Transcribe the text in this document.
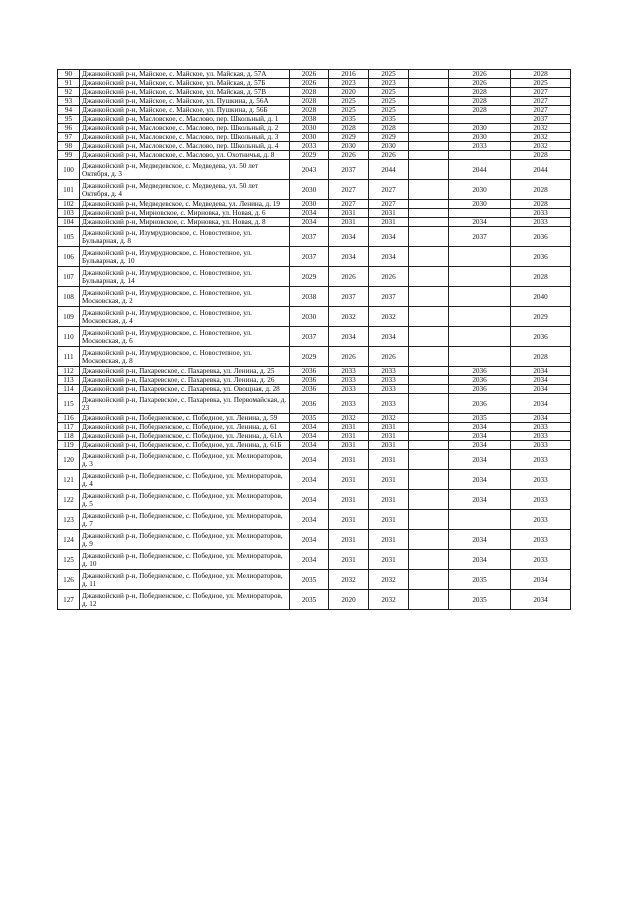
90	Джанкойский р-н, Майское, с. Майское, ул. Майская, д. 57А	2026	2016	2025		2026	2028
91	Джанкойский р-н, Майское, с. Майское, ул. Майская, д. 57Б	2026	2023	2023		2026	2025
92	Джанкойский р-н, Майское, с. Майское, ул. Майская, д. 57В	2028	2020	2025		2028	2027
93	Джанкойский р-н, Майское, с. Майское, ул. Пушкина, д. 56А	2028	2025	2025		2028	2027
94	Джанкойский р-н, Майское, с. Майское, ул. Пушкина, д. 56Б	2028	2025	2025		2028	2027
95	Джанкойский р-н, Масловское, с. Маслово, пер. Школьный, д. 1	2038	2035	2035			2037
96	Джанкойский р-н, Масловское, с. Маслово, пер. Школьный, д. 2	2030	2028	2028		2030	2032
97	Джанкойский р-н, Масловское, с. Маслово, пер. Школьный, д. 3	2030	2029	2029		2030	2032
98	Джанкойский р-н, Масловское, с. Маслово, пер. Школьный, д. 4	2033	2030	2030		2033	2032
99	Джанкойский р-н, Масловское, с. Маслово, ул. Охотничья, д. 8	2029	2026	2026			2028
100	Джанкойский р-н, Медведевское, с. Медведева, ул. 50 лет Октября, д. 3	2043	2037	2044		2044	2044
101	Джанкойский р-н, Медведевское, с. Медведева, ул. 50 лет Октября, д. 4	2030	2027	2027		2030	2028
102	Джанкойский р-н, Медведевское, с. Медведева, ул. Ленина, д. 19	2030	2027	2027		2030	2028
103	Джанкойский р-н, Мирновское, с. Мирновка, ул. Новая, д. 6	2034	2031	2031			2033
104	Джанкойский р-н, Мирновское, с. Мирновка, ул. Новая, д. 8	2034	2031	2031		2034	2033
105	Джанкойский р-н, Изумрудновское, с. Новостепное, ул. Бульварная, д. 8	2037	2034	2034		2037	2036
106	Джанкойский р-н, Изумрудновское, с. Новостепное, ул. Бульварная, д. 10	2037	2034	2034			2036
107	Джанкойский р-н, Изумрудновское, с. Новостепное, ул. Бульварная, д. 14	2029	2026	2026			2028
108	Джанкойский р-н, Изумрудновское, с. Новостепное, ул. Московская, д. 2	2038	2037	2037			2040
109	Джанкойский р-н, Изумрудновское, с. Новостепное, ул. Московская, д. 4	2030	2032	2032			2029
110	Джанкойский р-н, Изумрудновское, с. Новостепное, ул. Московская, д. 6	2037	2034	2034			2036
111	Джанкойский р-н, Изумрудновское, с. Новостепное, ул. Московская, д. 8	2029	2026	2026			2028
112	Джанкойский р-н, Пахаревское, с. Пахаревка, ул. Ленина, д. 25	2036	2033	2033		2036	2034
113	Джанкойский р-н, Пахаревское, с. Пахаревка, ул. Ленина, д. 26	2036	2033	2033		2036	2034
114	Джанкойский р-н, Пахаревское, с. Пахаревка, ул. Овощная, д. 28	2036	2033	2033		2036	2034
115	Джанкойский р-н, Пахаревское, с. Пахаревка, ул. Первомайская, д. 23	2036	2033	2033		2036	2034
116	Джанкойский р-н, Победненское, с. Победное, ул. Ленина, д. 59	2035	2032	2032		2035	2034
117	Джанкойский р-н, Победненское, с. Победное, ул. Ленина, д. 61	2034	2031	2031		2034	2033
118	Джанкойский р-н, Победненское, с. Победное, ул. Ленина, д. 61А	2034	2031	2031		2034	2033
119	Джанкойский р-н, Победненское, с. Победное, ул. Ленина, д. 61Б	2034	2031	2031		2034	2033
120	Джанкойский р-н, Победненское, с. Победное, ул. Мелиораторов, д. 3	2034	2031	2031		2034	2033
121	Джанкойский р-н, Победненское, с. Победное, ул. Мелиораторов, д. 4	2034	2031	2031		2034	2033
122	Джанкойский р-н, Победненское, с. Победное, ул. Мелиораторов, д. 5	2034	2031	2031		2034	2033
123	Джанкойский р-н, Победненское, с. Победное, ул. Мелиораторов, д. 7	2034	2031	2031			2033
124	Джанкойский р-н, Победненское, с. Победное, ул. Мелиораторов, д. 9	2034	2031	2031		2034	2033
125	Джанкойский р-н, Победненское, с. Победное, ул. Мелиораторов, д. 10	2034	2031	2031		2034	2033
126	Джанкойский р-н, Победненское, с. Победное, ул. Мелиораторов, д. 11	2035	2032	2032		2035	2034
127	Джанкойский р-н, Победненское, с. Победное, ул. Мелиораторов, д. 12	2035	2020	2032		2035	2034
